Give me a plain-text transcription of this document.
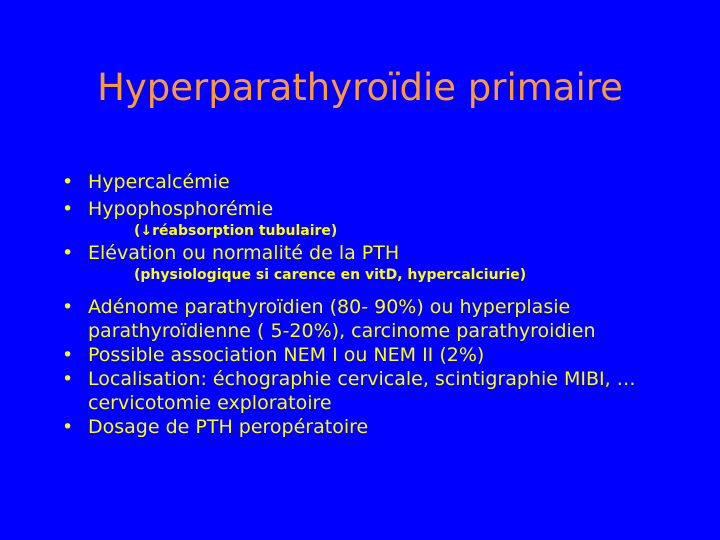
Hyperparathyroïdie primaire
• Hypercalcémie
• Hypophosphorémie
(↓réabsorption tubulaire)
• Elévation ou normalité de la PTH
(physiologique si carence en vitD, hypercalciurie)
• Adénome parathyroïdien (80- 90%) ou hyperplasie parathyroïdienne ( 5-20%), carcinome parathyroidien
• Possible association NEM I ou NEM II (2%)
• Localisation: échographie cervicale, scintigraphie MIBI, …cervicotomie exploratoire
• Dosage de PTH peropératoire
